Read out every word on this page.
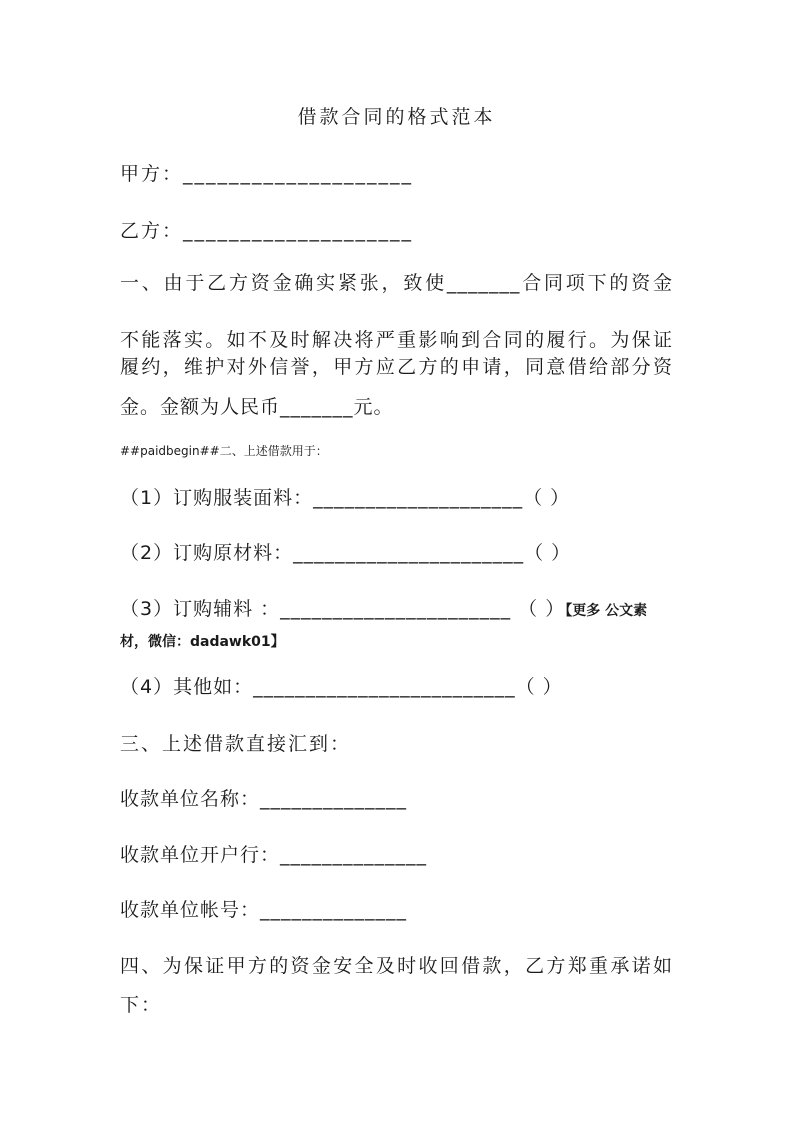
借款合同的格式范本
甲方：____________________
乙方：____________________
一、由于乙方资金确实紧张，致使_______合同项下的资金
不能落实。如不及时解决将严重影响到合同的履行。为保证
履约，维护对外信誉，甲方应乙方的申请，同意借给部分资
金。金额为人民币_______元。
##paidbegin##二、上述借款用于：
（1）订购服装面料：____________________（ ）
（2）订购原材料：______________________（ ）
（3）订购辅料 ：______________________ （ ）【更多 公文素
材，微信：dadawk01】
（4）其他如：_________________________（ ）
三、上述借款直接汇到：
收款单位名称：______________
收款单位开户行：______________
收款单位帐号：______________
四、为保证甲方的资金安全及时收回借款，乙方郑重承诺如
下：
